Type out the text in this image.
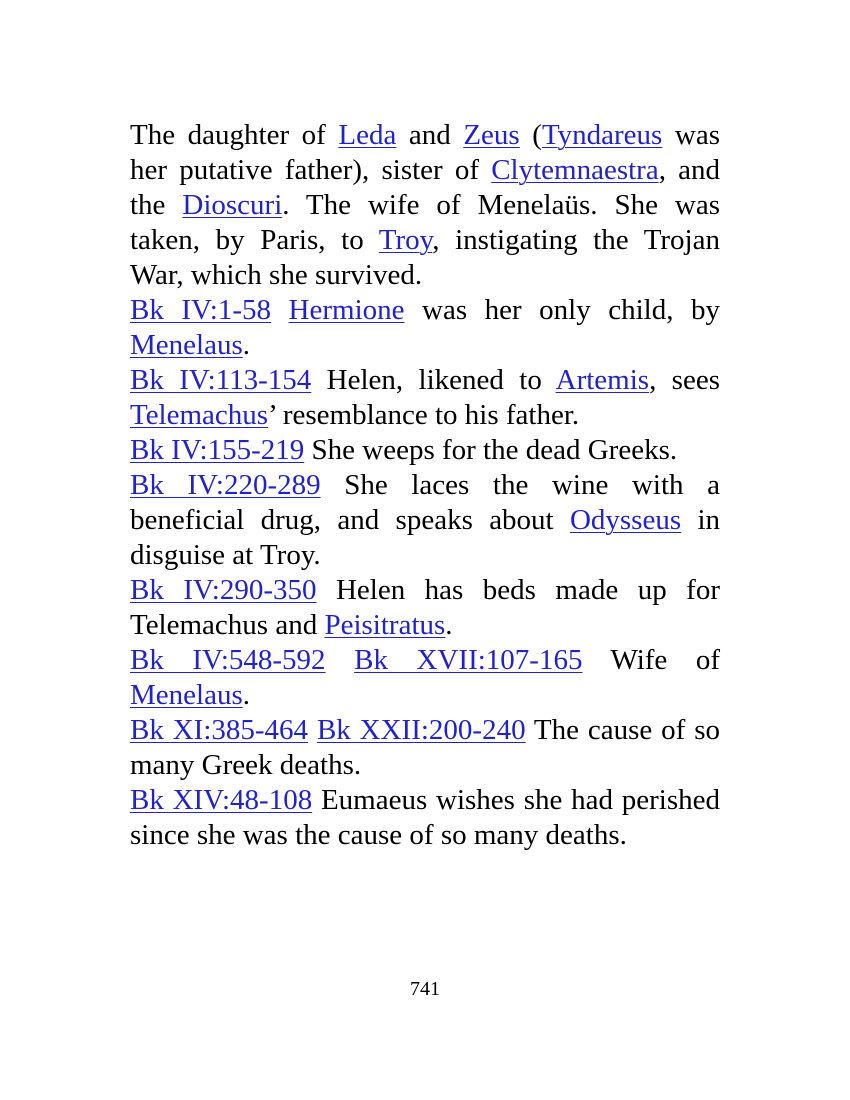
The daughter of Leda and Zeus (Tyndareus was her putative father), sister of Clytemnaestra, and the Dioscuri. The wife of Menelaüs. She was taken, by Paris, to Troy, instigating the Trojan War, which she survived.

Bk IV:1-58 Hermione was her only child, by Menelaus.

Bk IV:113-154 Helen, likened to Artemis, sees Telemachus’ resemblance to his father.

Bk IV:155-219 She weeps for the dead Greeks.

Bk IV:220-289 She laces the wine with a beneficial drug, and speaks about Odysseus in disguise at Troy.

Bk IV:290-350 Helen has beds made up for Telemachus and Peisitratus.

Bk IV:548-592 Bk XVII:107-165 Wife of Menelaus.

Bk XI:385-464 Bk XXII:200-240 The cause of so many Greek deaths.

Bk XIV:48-108 Eumaeus wishes she had perished since she was the cause of so many deaths.

741
